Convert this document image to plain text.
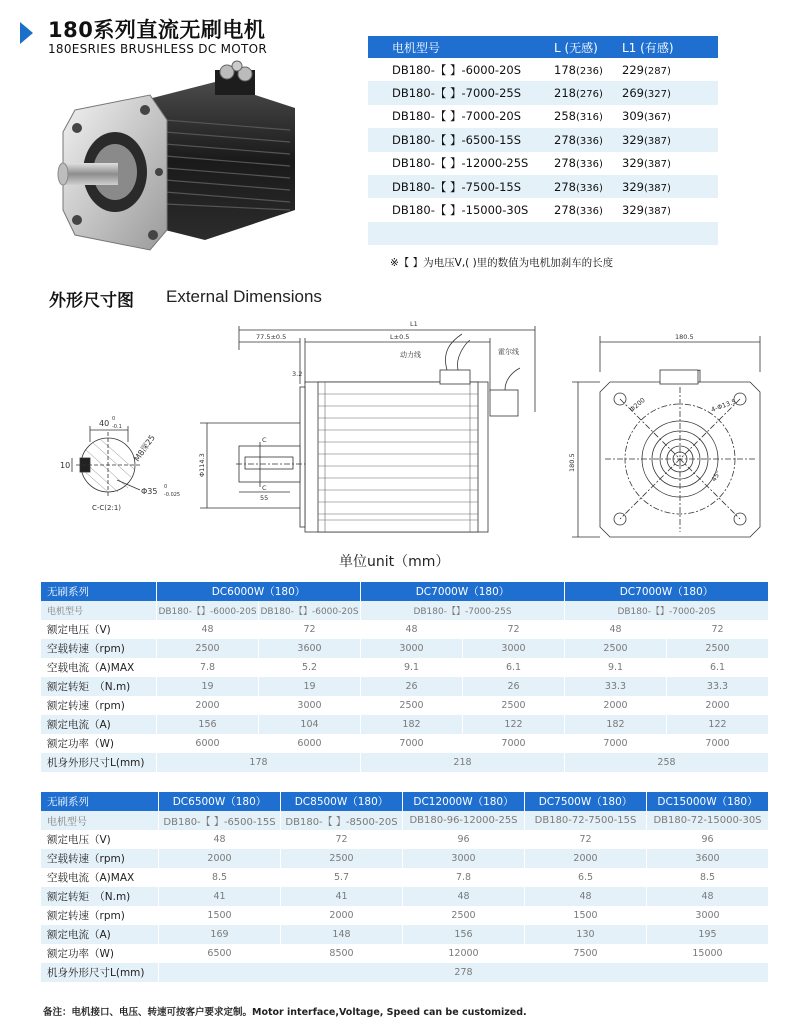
180系列直流无刷电机
180ESRIES BRUSHLESS DC MOTOR	电机型号	L (无感)	L1 (有感)
DB180-【 】-6000-20S	178(236)	229(287)
DB180-【 】-7000-25S	218(276)	269(327)
DB180-【 】-7000-20S	258(316)	309(367)
DB180-【 】-6500-15S	278(336)	329(387)
DB180-【 】-12000-25S	278(336)	329(387)
DB180-【 】-7500-15S	278(336)	329(387)
DB180-【 】-15000-30S	278(336)	329(387)

※【 】为电压V,( )里的数值为电机加刹车的长度
外形尺寸图 External Dimensions
40 0
-0.1
10
M8深25
Φ35 0
-0.025
C-C(2:1)
L1
L±0.5
77.5±0.5
3.2
动力线	霍尔线
C
C
55
Φ114.3
180.5
180.5
Φ200	4-Φ13.5
45°
单位unit（mm）
无刷系列	DC6000W（180）		DC7000W（180）		DC7000W（180）	
电机型号	DB180-【】-6000-20S	DB180-【】-6000-20S	DB180-【】-7000-25S		DB180-【】-7000-20S	
额定电压（V)	48	72	48	72	48	72
空载转速（rpm)	2500	3600	3000	3000	2500	2500
空载电流（A)MAX	7.8	5.2	9.1	6.1	9.1	6.1
额定转矩　（N.m)	19	19	26	26	33.3	33.3
额定转速（rpm)	2000	3000	2500	2500	2000	2000
额定电流（A)	156	104	182	122	182	122
额定功率（W)	6000	6000	7000	7000	7000	7000
机身外形尺寸L(mm)	178		218		258	
无刷系列	DC6500W（180）	DC8500W（180）	DC12000W（180）	DC7500W（180）	DC15000W（180）
电机型号	DB180-【 】-6500-15S	DB180-【 】-8500-20S	DB180-96-12000-25S	DB180-72-7500-15S	DB180-72-15000-30S
额定电压（V)	48	72	96	72	96
空载转速（rpm)	2000	2500	3000	2000	3600
空载电流（A)MAX	8.5	5.7	7.8	6.5	8.5
额定转矩　（N.m)	41	41	48	48	48
额定转速（rpm)	1500	2000	2500	1500	3000
额定电流（A)	169	148	156	130	195
额定功率（W)	6500	8500	12000	7500	15000
机身外形尺寸L(mm)	278				
备注：电机接口、电压、转速可按客户要求定制。Motor interface,Voltage, Speed can be customized.
